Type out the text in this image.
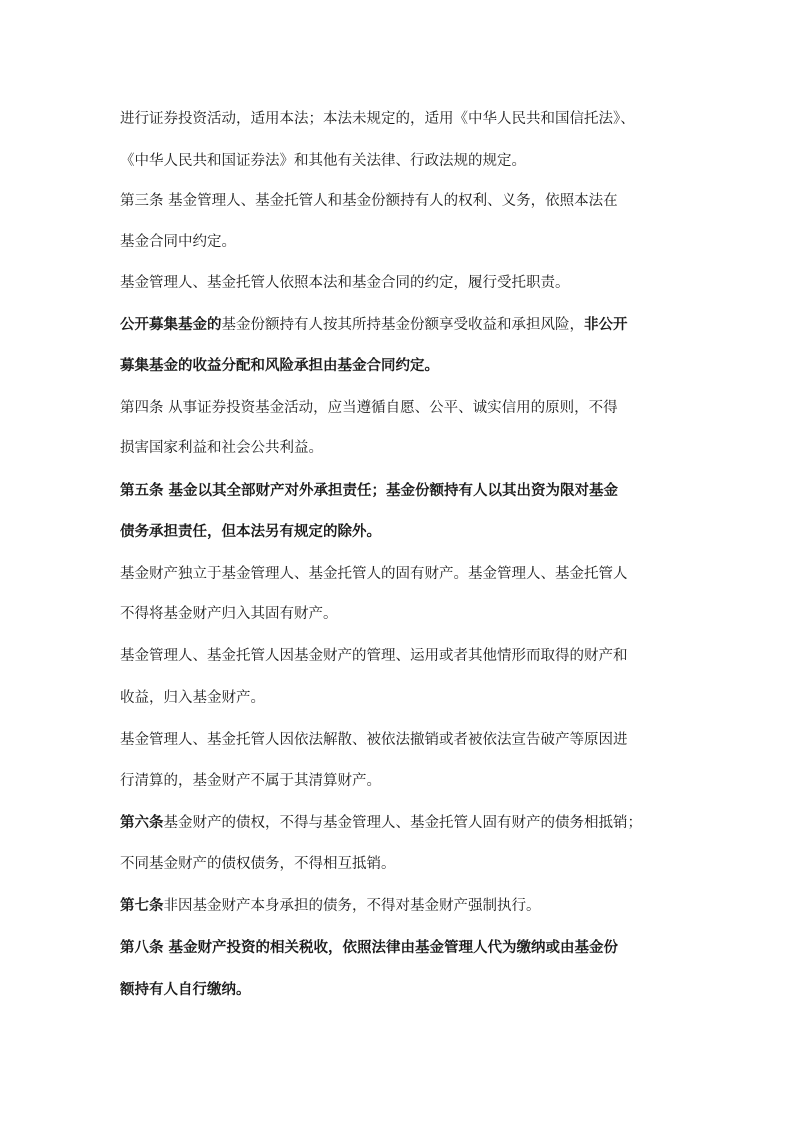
进行证券投资活动，适用本法；本法未规定的，适用《中华人民共和国信托法》、
《中华人民共和国证券法》和其他有关法律、行政法规的规定。
第三条 基金管理人、基金托管人和基金份额持有人的权利、义务，依照本法在
基金合同中约定。
基金管理人、基金托管人依照本法和基金合同的约定，履行受托职责。
公开募集基金的基金份额持有人按其所持基金份额享受收益和承担风险，非公开
募集基金的收益分配和风险承担由基金合同约定。
第四条 从事证券投资基金活动，应当遵循自愿、公平、诚实信用的原则，不得
损害国家利益和社会公共利益。
第五条 基金以其全部财产对外承担责任；基金份额持有人以其出资为限对基金
债务承担责任，但本法另有规定的除外。
基金财产独立于基金管理人、基金托管人的固有财产。基金管理人、基金托管人
不得将基金财产归入其固有财产。
基金管理人、基金托管人因基金财产的管理、运用或者其他情形而取得的财产和
收益，归入基金财产。
基金管理人、基金托管人因依法解散、被依法撤销或者被依法宣告破产等原因进
行清算的，基金财产不属于其清算财产。
第六条基金财产的债权，不得与基金管理人、基金托管人固有财产的债务相抵销；
不同基金财产的债权债务，不得相互抵销。
第七条非因基金财产本身承担的债务，不得对基金财产强制执行。
第八条 基金财产投资的相关税收，依照法律由基金管理人代为缴纳或由基金份
额持有人自行缴纳。
